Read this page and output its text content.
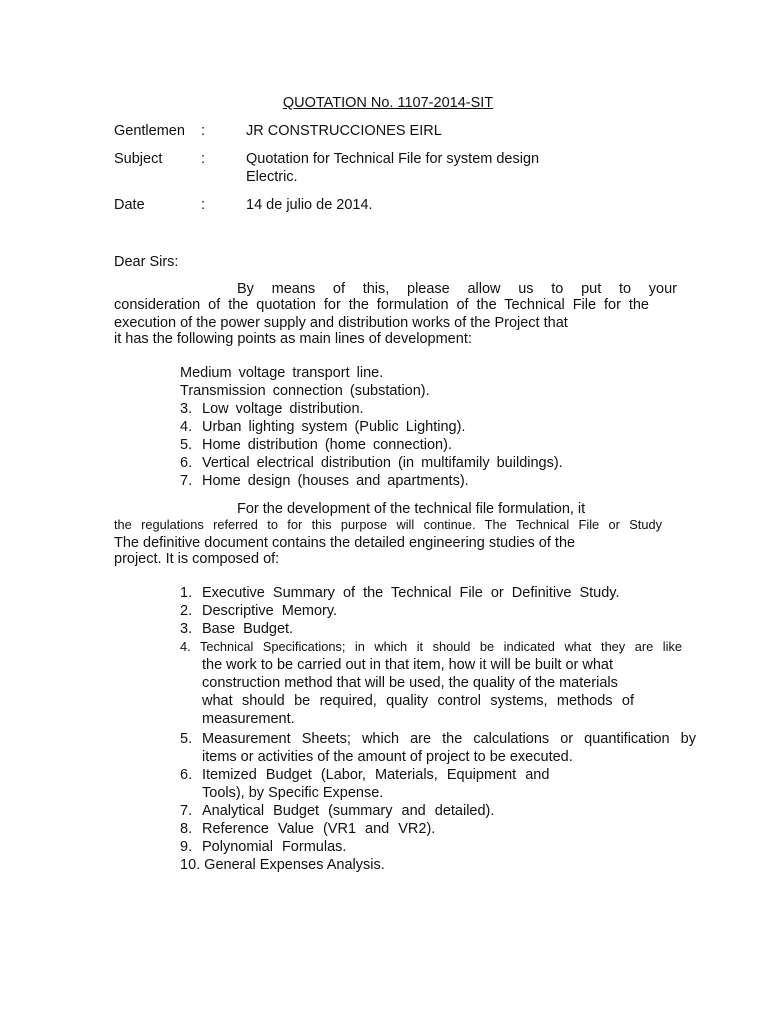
QUOTATION No. 1107-2014-SIT
Gentlemen :	JR CONSTRUCCIONES EIRL
Subject	:	Quotation for Technical File for system design
Electric.
Date	:	14 de julio de 2014.
Dear Sirs:
By means of this, please allow us to put to your
consideration of the quotation for the formulation of the Technical File for the
execution of the power supply and distribution works of the Project that
it has the following points as main lines of development:
Medium voltage transport line.
Transmission connection (substation).
3. Low voltage distribution.
4. Urban lighting system (Public Lighting).
5. Home distribution (home connection).
6. Vertical electrical distribution (in multifamily buildings).
7. Home design (houses and apartments).
For the development of the technical file formulation, it
the regulations referred to for this purpose will continue. The Technical File or Study
The definitive document contains the detailed engineering studies of the
project. It is composed of:
1. Executive Summary of the Technical File or Definitive Study.
2. Descriptive Memory.
3. Base Budget.
4. Technical Specifications; in which it should be indicated what they are like
the work to be carried out in that item, how it will be built or what
construction method that will be used, the quality of the materials
what should be required, quality control systems, methods of
measurement.
5. Measurement Sheets; which are the calculations or quantification by
items or activities of the amount of project to be executed.
6. Itemized Budget (Labor, Materials, Equipment and
Tools), by Specific Expense.
7. Analytical Budget (summary and detailed).
8. Reference Value (VR1 and VR2).
9. Polynomial Formulas.
10. General Expenses Analysis.
